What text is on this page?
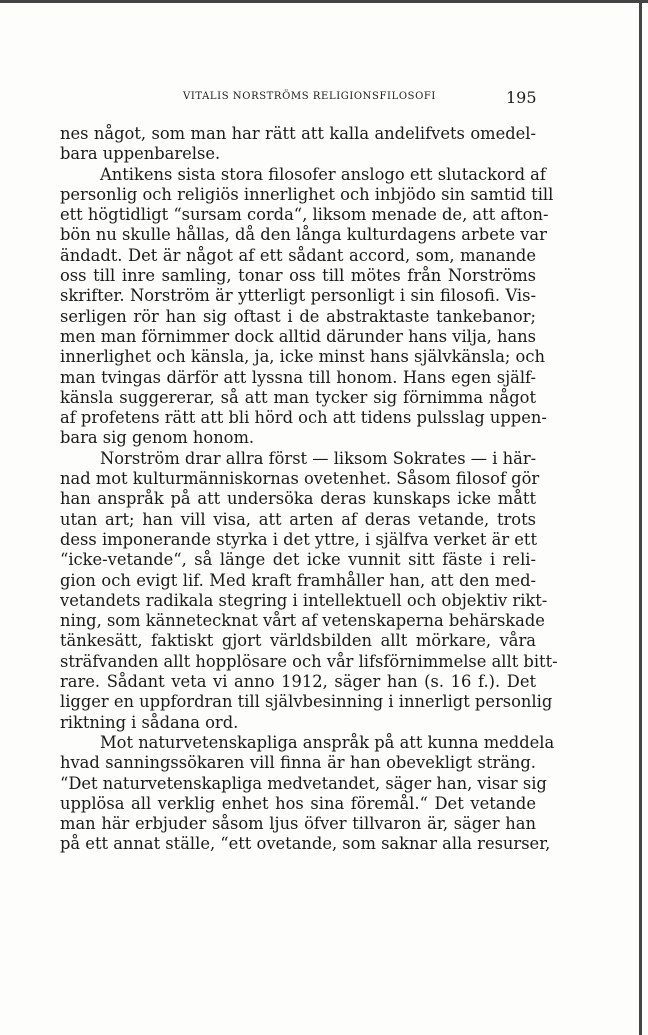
VITALIS NORSTRÖMS RELIGIONSFILOSOFI	195
nes något, som man har rätt att kalla andelifvets omedel-
bara uppenbarelse.
Antikens sista stora filosofer anslogo ett slutackord af
personlig och religiös innerlighet och inbjödo sin samtid till
ett högtidligt “sursam corda“, liksom menade de, att afton-
bön nu skulle hållas, då den långa kulturdagens arbete var
ändadt. Det är något af ett sådant accord, som, manande
oss till inre samling, tonar oss till mötes från Norströms
skrifter. Norström är ytterligt personligt i sin filosofi. Vis-
serligen rör han sig oftast i de abstraktaste tankebanor;
men man förnimmer dock alltid därunder hans vilja, hans
innerlighet och känsla, ja, icke minst hans självkänsla; och
man tvingas därför att lyssna till honom. Hans egen själf-
känsla suggererar, så att man tycker sig förnimma något
af profetens rätt att bli hörd och att tidens pulsslag uppen-
bara sig genom honom.
Norström drar allra först — liksom Sokrates — i här-
nad mot kulturmänniskornas ovetenhet. Såsom filosof gör
han anspråk på att undersöka deras kunskaps icke mått
utan art; han vill visa, att arten af deras vetande, trots
dess imponerande styrka i det yttre, i själfva verket är ett
“icke-vetande“, så länge det icke vunnit sitt fäste i reli-
gion och evigt lif. Med kraft framhåller han, att den med-
vetandets radikala stegring i intellektuell och objektiv rikt-
ning, som kännetecknat vårt af vetenskaperna behärskade
tänkesätt, faktiskt gjort världsbilden allt mörkare, våra
sträfvanden allt hopplösare och vår lifsförnimmelse allt bitt-
rare. Sådant veta vi anno 1912, säger han (s. 16 f.). Det
ligger en uppfordran till självbesinning i innerligt personlig
riktning i sådana ord.
Mot naturvetenskapliga anspråk på att kunna meddela
hvad sanningssökaren vill finna är han obevekligt sträng.
“Det naturvetenskapliga medvetandet, säger han, visar sig
upplösa all verklig enhet hos sina föremål.“ Det vetande
man här erbjuder såsom ljus öfver tillvaron är, säger han
på ett annat ställe, “ett ovetande, som saknar alla resurser,
